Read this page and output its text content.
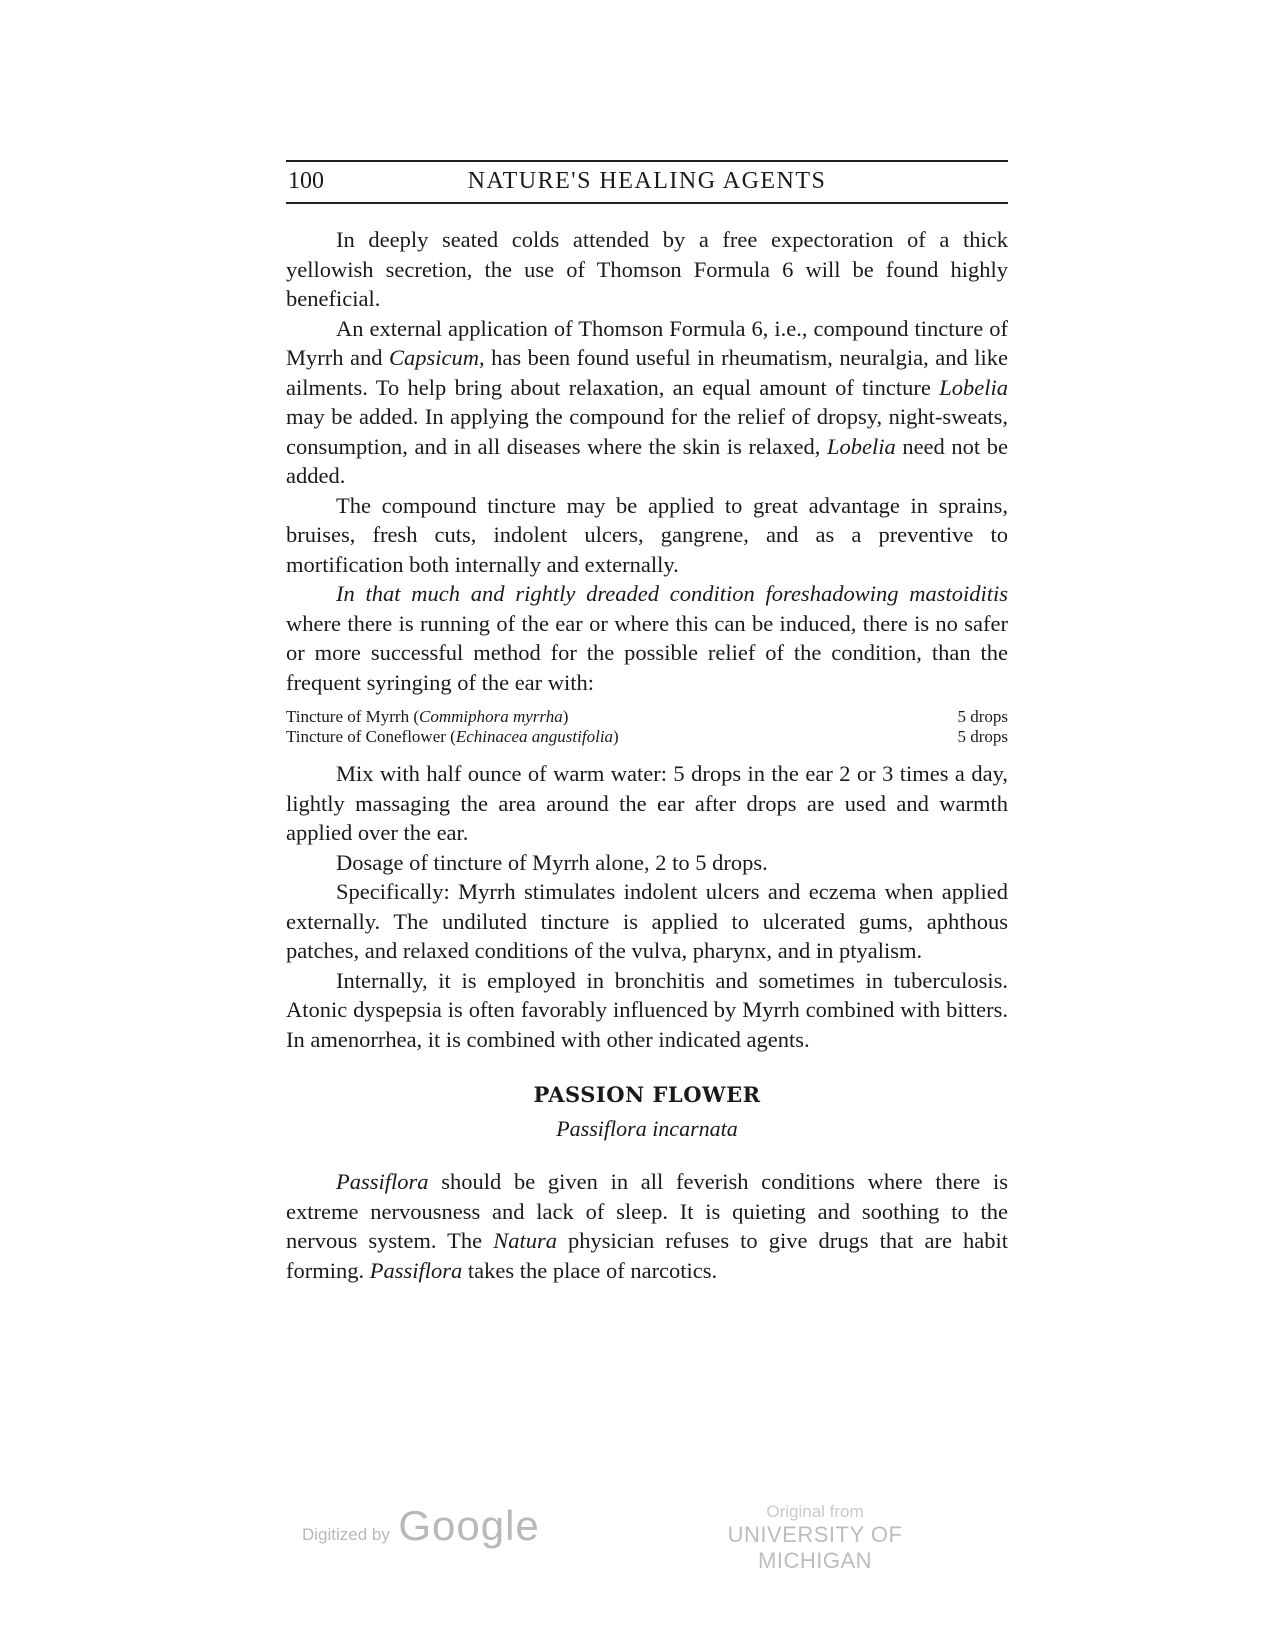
100	NATURE'S HEALING AGENTS

In deeply seated colds attended by a free expectoration of a thick yellowish secretion, the use of Thomson Formula 6 will be found highly beneficial.

An external application of Thomson Formula 6, i.e., compound tincture of Myrrh and Capsicum, has been found useful in rheumatism, neuralgia, and like ailments. To help bring about relaxation, an equal amount of tincture Lobelia may be added. In applying the compound for the relief of dropsy, night-sweats, consumption, and in all diseases where the skin is relaxed, Lobelia need not be added.

The compound tincture may be applied to great advantage in sprains, bruises, fresh cuts, indolent ulcers, gangrene, and as a preventive to mortification both internally and externally.

In that much and rightly dreaded condition foreshadowing mastoiditis where there is running of the ear or where this can be induced, there is no safer or more successful method for the possible relief of the condition, than the frequent syringing of the ear with:

Tincture of Myrrh (Commiphora myrrha)	5 drops
Tincture of Coneflower (Echinacea angustifolia)	5 drops

Mix with half ounce of warm water: 5 drops in the ear 2 or 3 times a day, lightly massaging the area around the ear after drops are used and warmth applied over the ear.

Dosage of tincture of Myrrh alone, 2 to 5 drops.

Specifically: Myrrh stimulates indolent ulcers and eczema when applied externally. The undiluted tincture is applied to ulcerated gums, aphthous patches, and relaxed conditions of the vulva, pharynx, and in ptyalism.

Internally, it is employed in bronchitis and sometimes in tuberculosis. Atonic dyspepsia is often favorably influenced by Myrrh combined with bitters. In amenorrhea, it is combined with other indicated agents.

PASSION FLOWER
Passiflora incarnata

Passiflora should be given in all feverish conditions where there is extreme nervousness and lack of sleep. It is quieting and soothing to the nervous system. The Natura physician refuses to give drugs that are habit forming. Passiflora takes the place of narcotics.

Digitized by Google	Original from
UNIVERSITY OF MICHIGAN
